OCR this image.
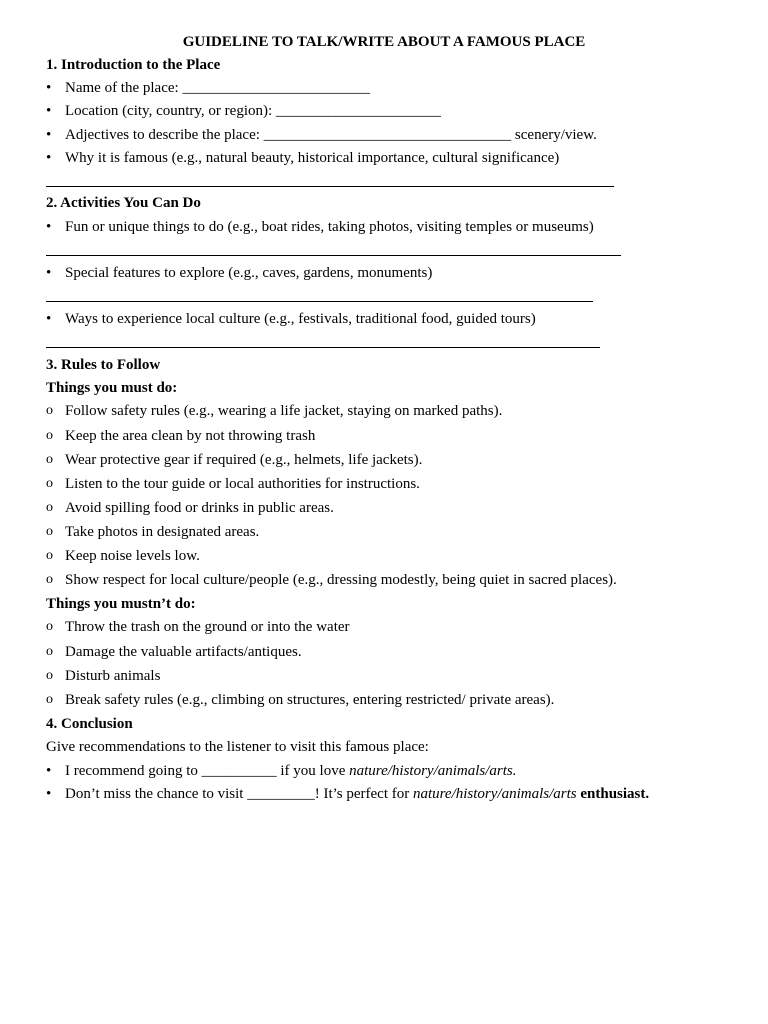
GUIDELINE TO TALK/WRITE ABOUT A FAMOUS PLACE
1. Introduction to the Place
• Name of the place: _________________________
• Location (city, country, or region): ______________________
• Adjectives to describe the place: _________________________________ scenery/view.
• Why it is famous (e.g., natural beauty, historical importance, cultural significance)
2. Activities You Can Do
• Fun or unique things to do (e.g., boat rides, taking photos, visiting temples or museums)
• Special features to explore (e.g., caves, gardens, monuments)
• Ways to experience local culture (e.g., festivals, traditional food, guided tours)
3. Rules to Follow
Things you must do:
o Follow safety rules (e.g., wearing a life jacket, staying on marked paths).
o Keep the area clean by not throwing trash
o Wear protective gear if required (e.g., helmets, life jackets).
o Listen to the tour guide or local authorities for instructions.
o Avoid spilling food or drinks in public areas.
o Take photos in designated areas.
o Keep noise levels low.
o Show respect for local culture/people (e.g., dressing modestly, being quiet in sacred places).
Things you mustn’t do:
o Throw the trash on the ground or into the water
o Damage the valuable artifacts/antiques.
o Disturb animals
o Break safety rules (e.g., climbing on structures, entering restricted/ private areas).
4. Conclusion
Give recommendations to the listener to visit this famous place:
• I recommend going to __________ if you love nature/history/animals/arts.
• Don’t miss the chance to visit _________! It’s perfect for nature/history/animals/arts enthusiast.
